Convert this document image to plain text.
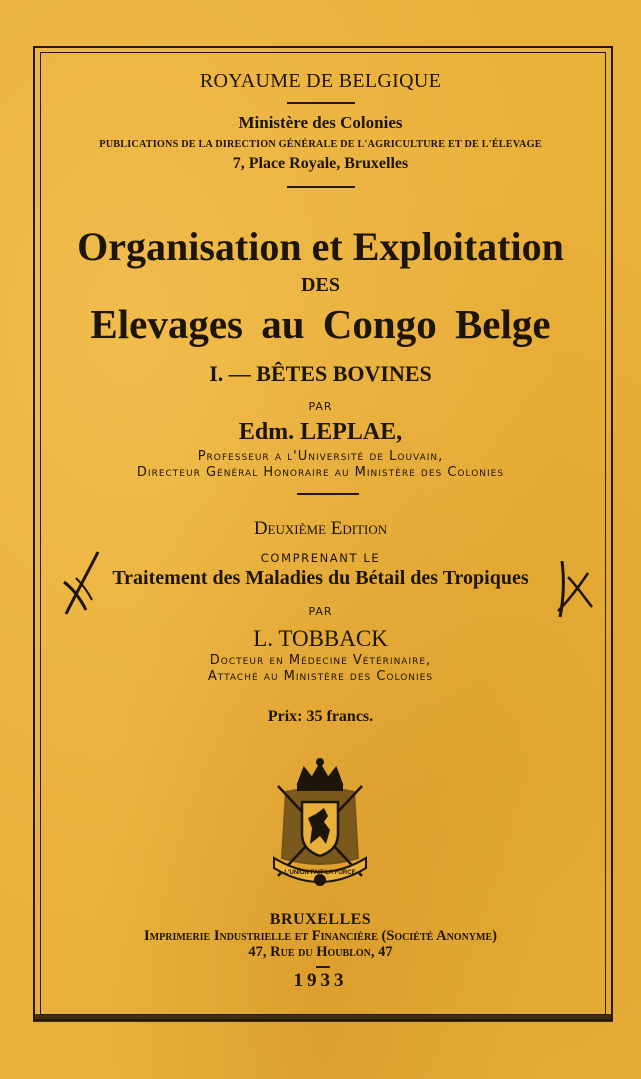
ROYAUME DE BELGIQUE
Ministère des Colonies
PUBLICATIONS DE LA DIRECTION GÉNÉRALE DE L'AGRICULTURE ET DE L'ÉLEVAGE
7, Place Royale, Bruxelles
Organisation et Exploitation
DES
Elevages au Congo Belge
I. — BÊTES BOVINES
PAR
Edm. LEPLAE,
Professeur a l'Université de Louvain,
Directeur Général Honoraire au Ministère des Colonies
Deuxième Edition
COMPRENANT LE
Traitement des Maladies du Bétail des Tropiques
PAR
L. TOBBACK
Docteur en Médecine Vétérinaire,
Attaché au Ministère des Colonies
Prix: 35 francs.
L'UNION FAIT LA FORCE
BRUXELLES
Imprimerie Industrielle et Financière (Société Anonyme)
47, Rue du Houblon, 47
1933
